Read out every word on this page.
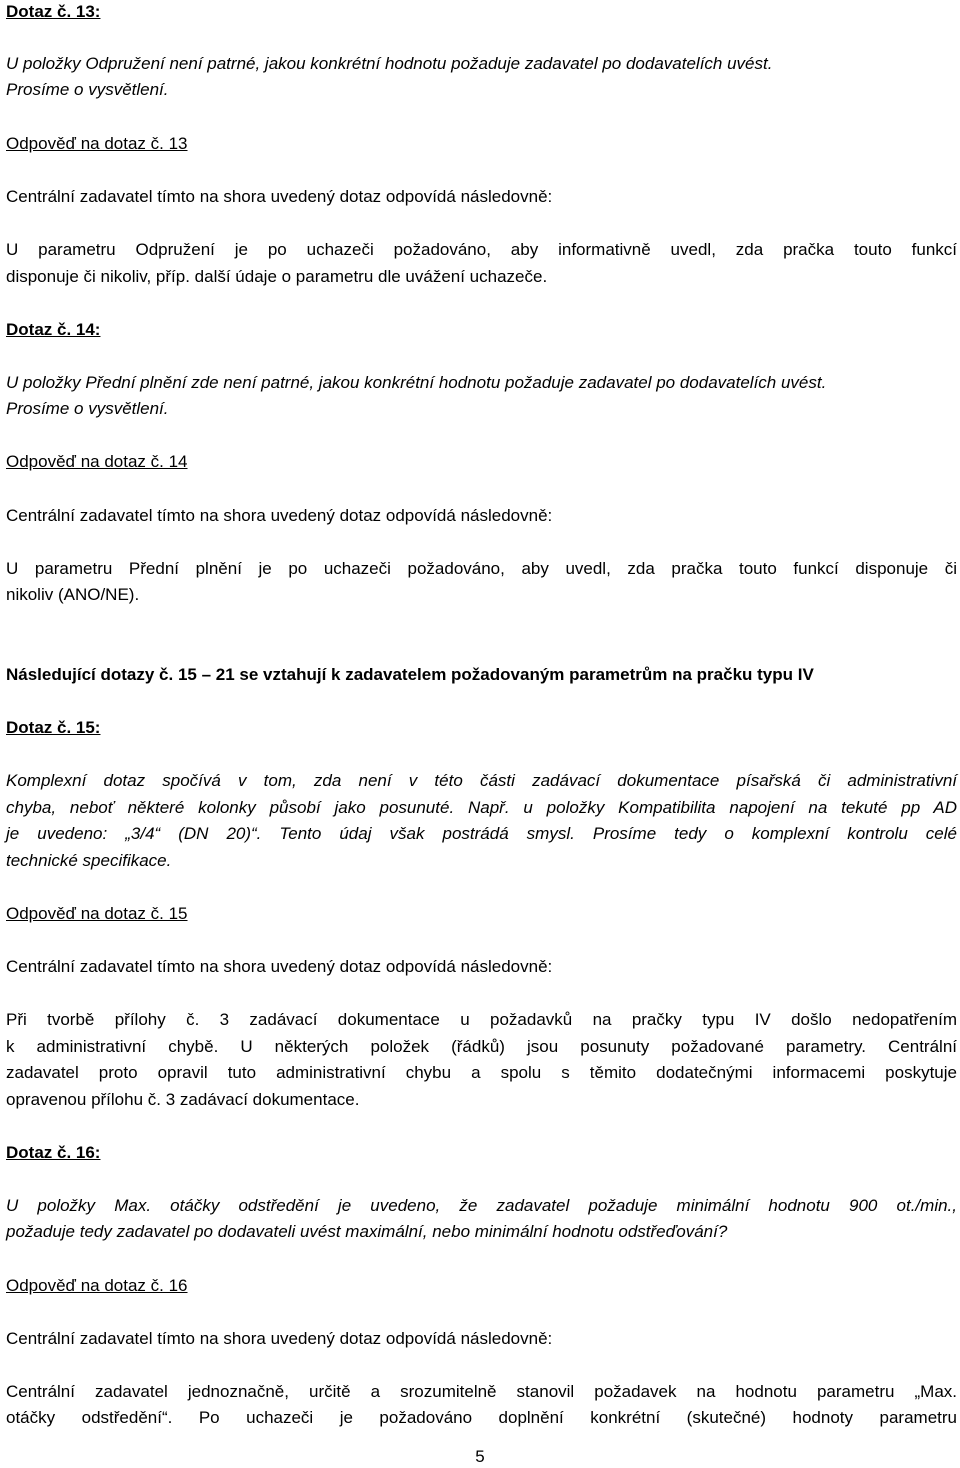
Dotaz č. 13:
U položky Odpružení není patrné, jakou konkrétní hodnotu požaduje zadavatel po dodavatelích uvést.
Prosíme o vysvětlení.
Odpověď na dotaz č. 13
Centrální zadavatel tímto na shora uvedený dotaz odpovídá následovně:
U parametru Odpružení je po uchazeči požadováno, aby informativně uvedl, zda pračka touto funkcí
disponuje či nikoliv, příp. další údaje o parametru dle uvážení uchazeče.
Dotaz č. 14:
U položky Přední plnění zde není patrné, jakou konkrétní hodnotu požaduje zadavatel po dodavatelích uvést.
Prosíme o vysvětlení.
Odpověď na dotaz č. 14
Centrální zadavatel tímto na shora uvedený dotaz odpovídá následovně:
U parametru Přední plnění je po uchazeči požadováno, aby uvedl, zda pračka touto funkcí disponuje či
nikoliv (ANO/NE).
Následující dotazy č. 15 – 21 se vztahují k zadavatelem požadovaným parametrům na pračku typu IV
Dotaz č. 15:
Komplexní dotaz spočívá v tom, zda není v této části zadávací dokumentace písařská či administrativní
chyba, neboť některé kolonky působí jako posunuté. Např. u položky Kompatibilita napojení na tekuté pp AD
je uvedeno: „3/4“ (DN 20)“. Tento údaj však postrádá smysl. Prosíme tedy o komplexní kontrolu celé
technické specifikace.
Odpověď na dotaz č. 15
Centrální zadavatel tímto na shora uvedený dotaz odpovídá následovně:
Při tvorbě přílohy č. 3 zadávací dokumentace u požadavků na pračky typu IV došlo nedopatřením
k administrativní chybě. U některých položek (řádků) jsou posunuty požadované parametry. Centrální
zadavatel proto opravil tuto administrativní chybu a spolu s těmito dodatečnými informacemi poskytuje
opravenou přílohu č. 3 zadávací dokumentace.
Dotaz č. 16:
U položky Max. otáčky odstředění je uvedeno, že zadavatel požaduje minimální hodnotu 900 ot./min.,
požaduje tedy zadavatel po dodavateli uvést maximální, nebo minimální hodnotu odstřeďování?
Odpověď na dotaz č. 16
Centrální zadavatel tímto na shora uvedený dotaz odpovídá následovně:
Centrální zadavatel jednoznačně, určitě a srozumitelně stanovil požadavek na hodnotu parametru „Max.
otáčky odstředění“. Po uchazeči je požadováno doplnění konkrétní (skutečné) hodnoty parametru
5
